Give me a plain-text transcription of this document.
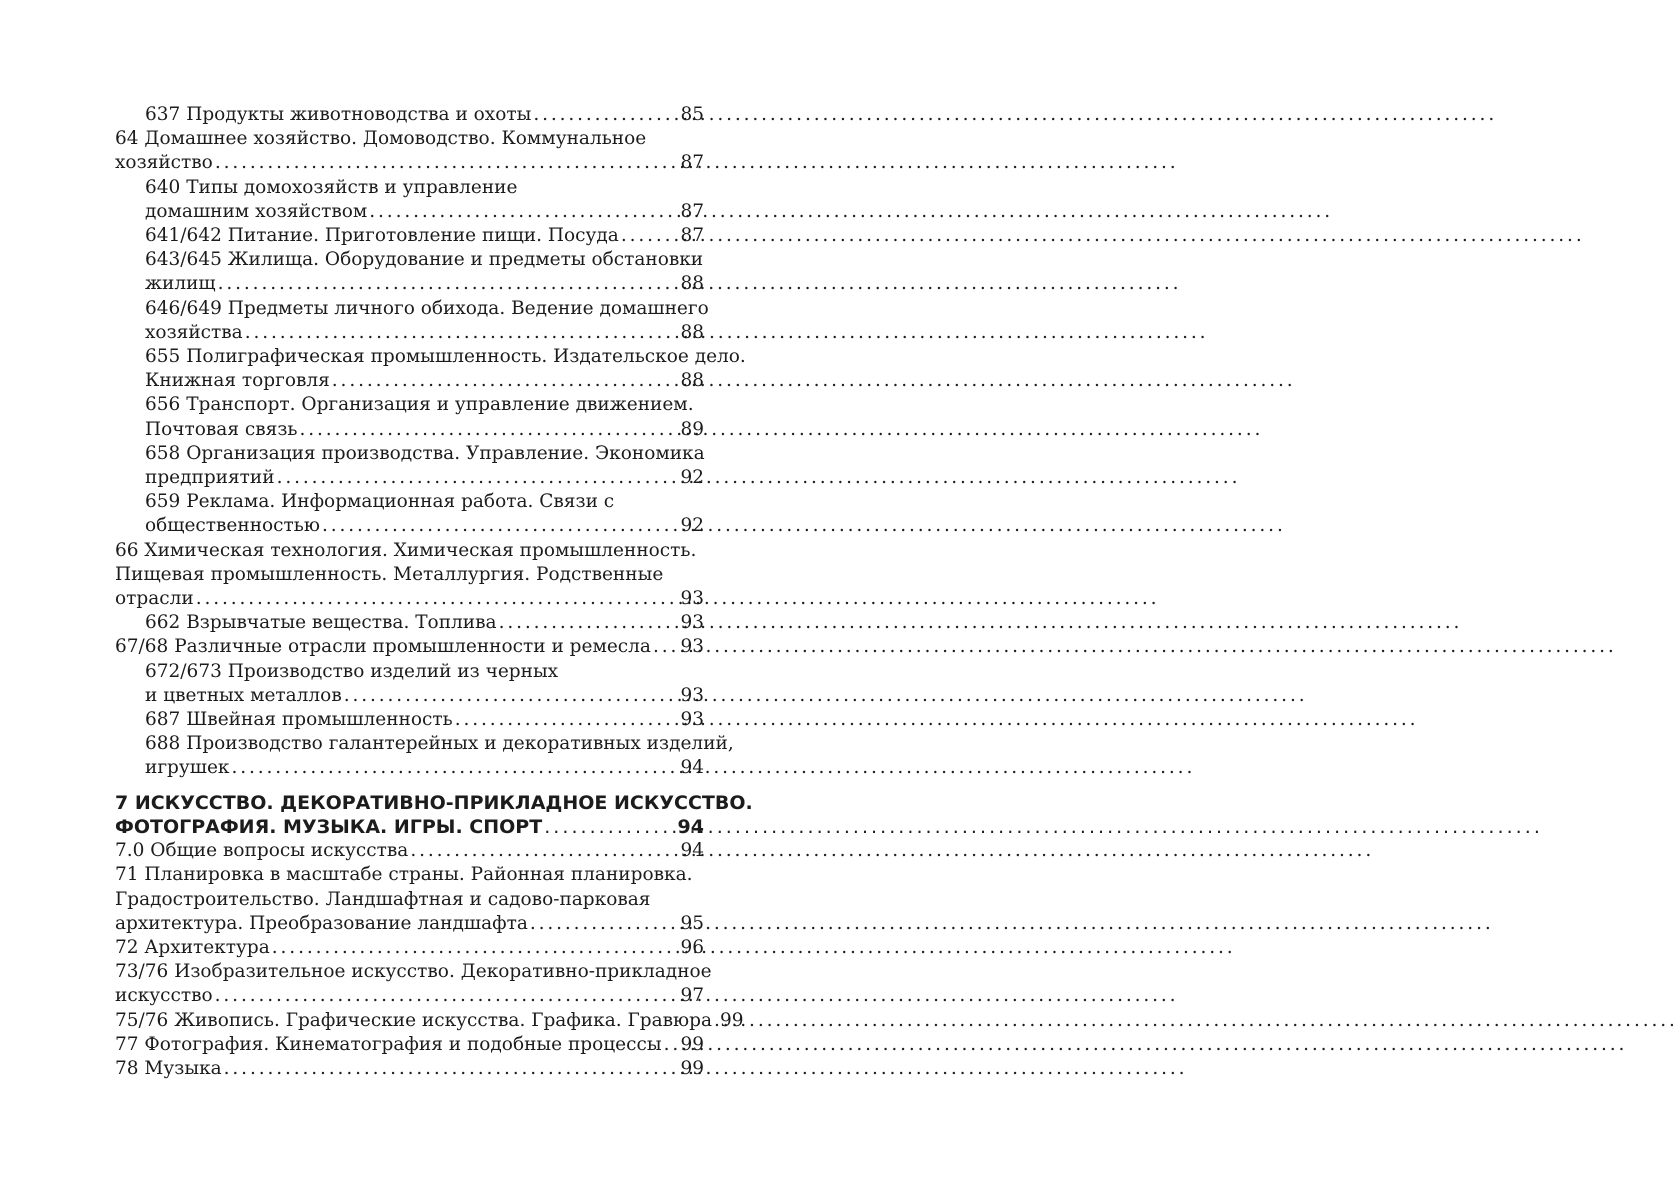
637 Продукты животноводства и охоты . . .	85
64 Домашнее хозяйство. Домоводство. Коммунальное
хозяйство . . .	87
640 Типы домохозяйств и управление
домашним хозяйством . . .	87
641/642 Питание. Приготовление пищи. Посуда . . .	87
643/645 Жилища. Оборудование и предметы обстановки
жилищ . . .	88
646/649 Предметы личного обихода. Ведение домашнего
хозяйства . . .	88
655 Полиграфическая промышленность. Издательское дело.
Книжная торговля . . .	88
656 Транспорт. Организация и управление движением.
Почтовая связь . . .	89
658 Организация производства. Управление. Экономика
предприятий . . .	92
659 Реклама. Информационная работа. Связи с
общественностью . . .	92
66 Химическая технология. Химическая промышленность.
Пищевая промышленность. Металлургия. Родственные
отрасли . . .	93
662 Взрывчатые вещества. Топлива . . .	93
67/68 Различные отрасли промышленности и ремесла . . . 93
672/673 Производство изделий из черных
и цветных металлов . . .	93
687 Швейная промышленность . . .	93
688 Производство галантерейных и декоративных изделий,
игрушек . . .	94
7 ИСКУССТВО. ДЕКОРАТИВНО-ПРИКЛАДНОЕ ИСКУССТВО.
ФОТОГРАФИЯ. МУЗЫКА. ИГРЫ. СПОРТ . . .	94
7.0 Общие вопросы искусства . . .	94
71 Планировка в масштабе страны. Районная планировка.
Градостроительство. Ландшафтная и садово-парковая
архитектура. Преобразование ландшафта . . .	95
72 Архитектура . . .	96
73/76 Изобразительное искусство. Декоративно-прикладное
искусство . . .	97
75/76 Живопись. Графические искусства. Графика. Гравюра . . . 99
77 Фотография. Кинематография и подобные процессы . . . 99
78 Музыка . . .	99
